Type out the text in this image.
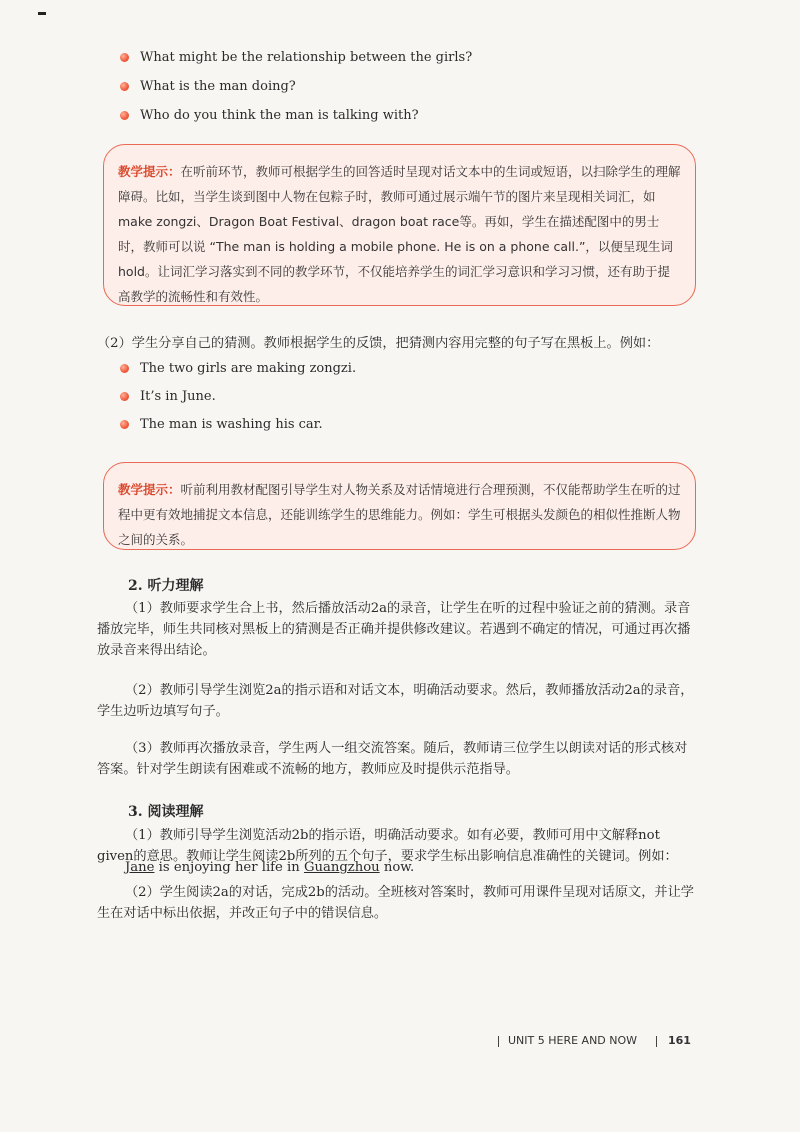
What might be the relationship between the girls?
What is the man doing?
Who do you think the man is talking with?
教学提示：在听前环节，教师可根据学生的回答适时呈现对话文本中的生词或短语，以扫除学生的理解障碍。比如，当学生谈到图中人物在包粽子时，教师可通过展示端午节的图片来呈现相关词汇，如make zongzi、Dragon Boat Festival、dragon boat race等。再如，学生在描述配图中的男士时，教师可以说 “The man is holding a mobile phone. He is on a phone call.”，以便呈现生词hold。让词汇学习落实到不同的教学环节，不仅能培养学生的词汇学习意识和学习习惯，还有助于提高教学的流畅性和有效性。
（2）学生分享自己的猜测。教师根据学生的反馈，把猜测内容用完整的句子写在黑板上。例如：
The two girls are making zongzi.
It’s in June.
The man is washing his car.
教学提示：听前利用教材配图引导学生对人物关系及对话情境进行合理预测，不仅能帮助学生在听的过程中更有效地捕捉文本信息，还能训练学生的思维能力。例如：学生可根据头发颜色的相似性推断人物之间的关系。
2. 听力理解
（1）教师要求学生合上书，然后播放活动2a的录音，让学生在听的过程中验证之前的猜测。录音播放完毕，师生共同核对黑板上的猜测是否正确并提供修改建议。若遇到不确定的情况，可通过再次播放录音来得出结论。
（2）教师引导学生浏览2a的指示语和对话文本，明确活动要求。然后，教师播放活动2a的录音，学生边听边填写句子。
（3）教师再次播放录音，学生两人一组交流答案。随后，教师请三位学生以朗读对话的形式核对答案。针对学生朗读有困难或不流畅的地方，教师应及时提供示范指导。
3. 阅读理解
（1）教师引导学生浏览活动2b的指示语，明确活动要求。如有必要，教师可用中文解释not given的意思。教师让学生阅读2b所列的五个句子，要求学生标出影响信息准确性的关键词。例如：
Jane is enjoying her life in Guangzhou now.
（2）学生阅读2a的对话，完成2b的活动。全班核对答案时，教师可用课件呈现对话原文，并让学生在对话中标出依据，并改正句子中的错误信息。
UNIT 5 HERE AND NOW	161
